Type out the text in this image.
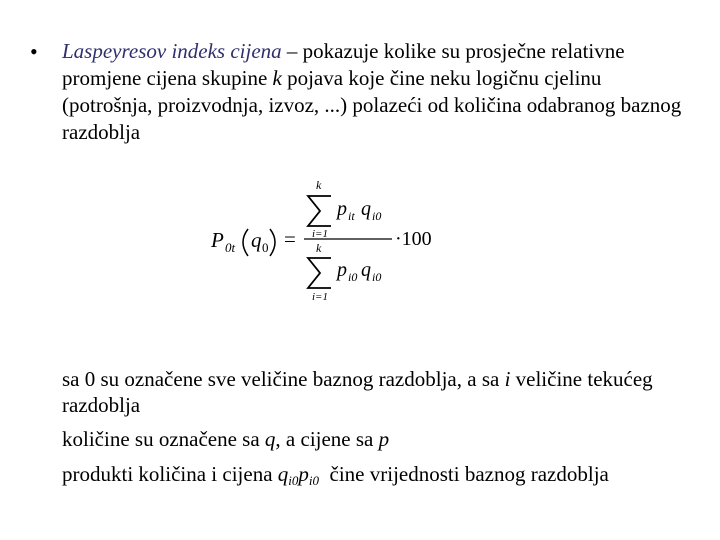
• Laspeyresov indeks cijena – pokazuje kolike su prosječne relativne promjene cijena skupine k pojava koje čine neku logičnu cjelinu (potrošnja, proizvodnja, izvoz, ...) polazeći od količina odabranog baznog razdoblja
P 0t q 0 =
k
i=1
p it q i0
k
i=1
p i0 q i0
·100

sa 0 su označene sve veličine baznog razdoblja, a sa i veličine tekućeg razdoblja

količine su označene sa q, a cijene sa p

produkti količina i cijena $q_{i0}p_{i0}$  čine vrijednosti baznog razdoblja
